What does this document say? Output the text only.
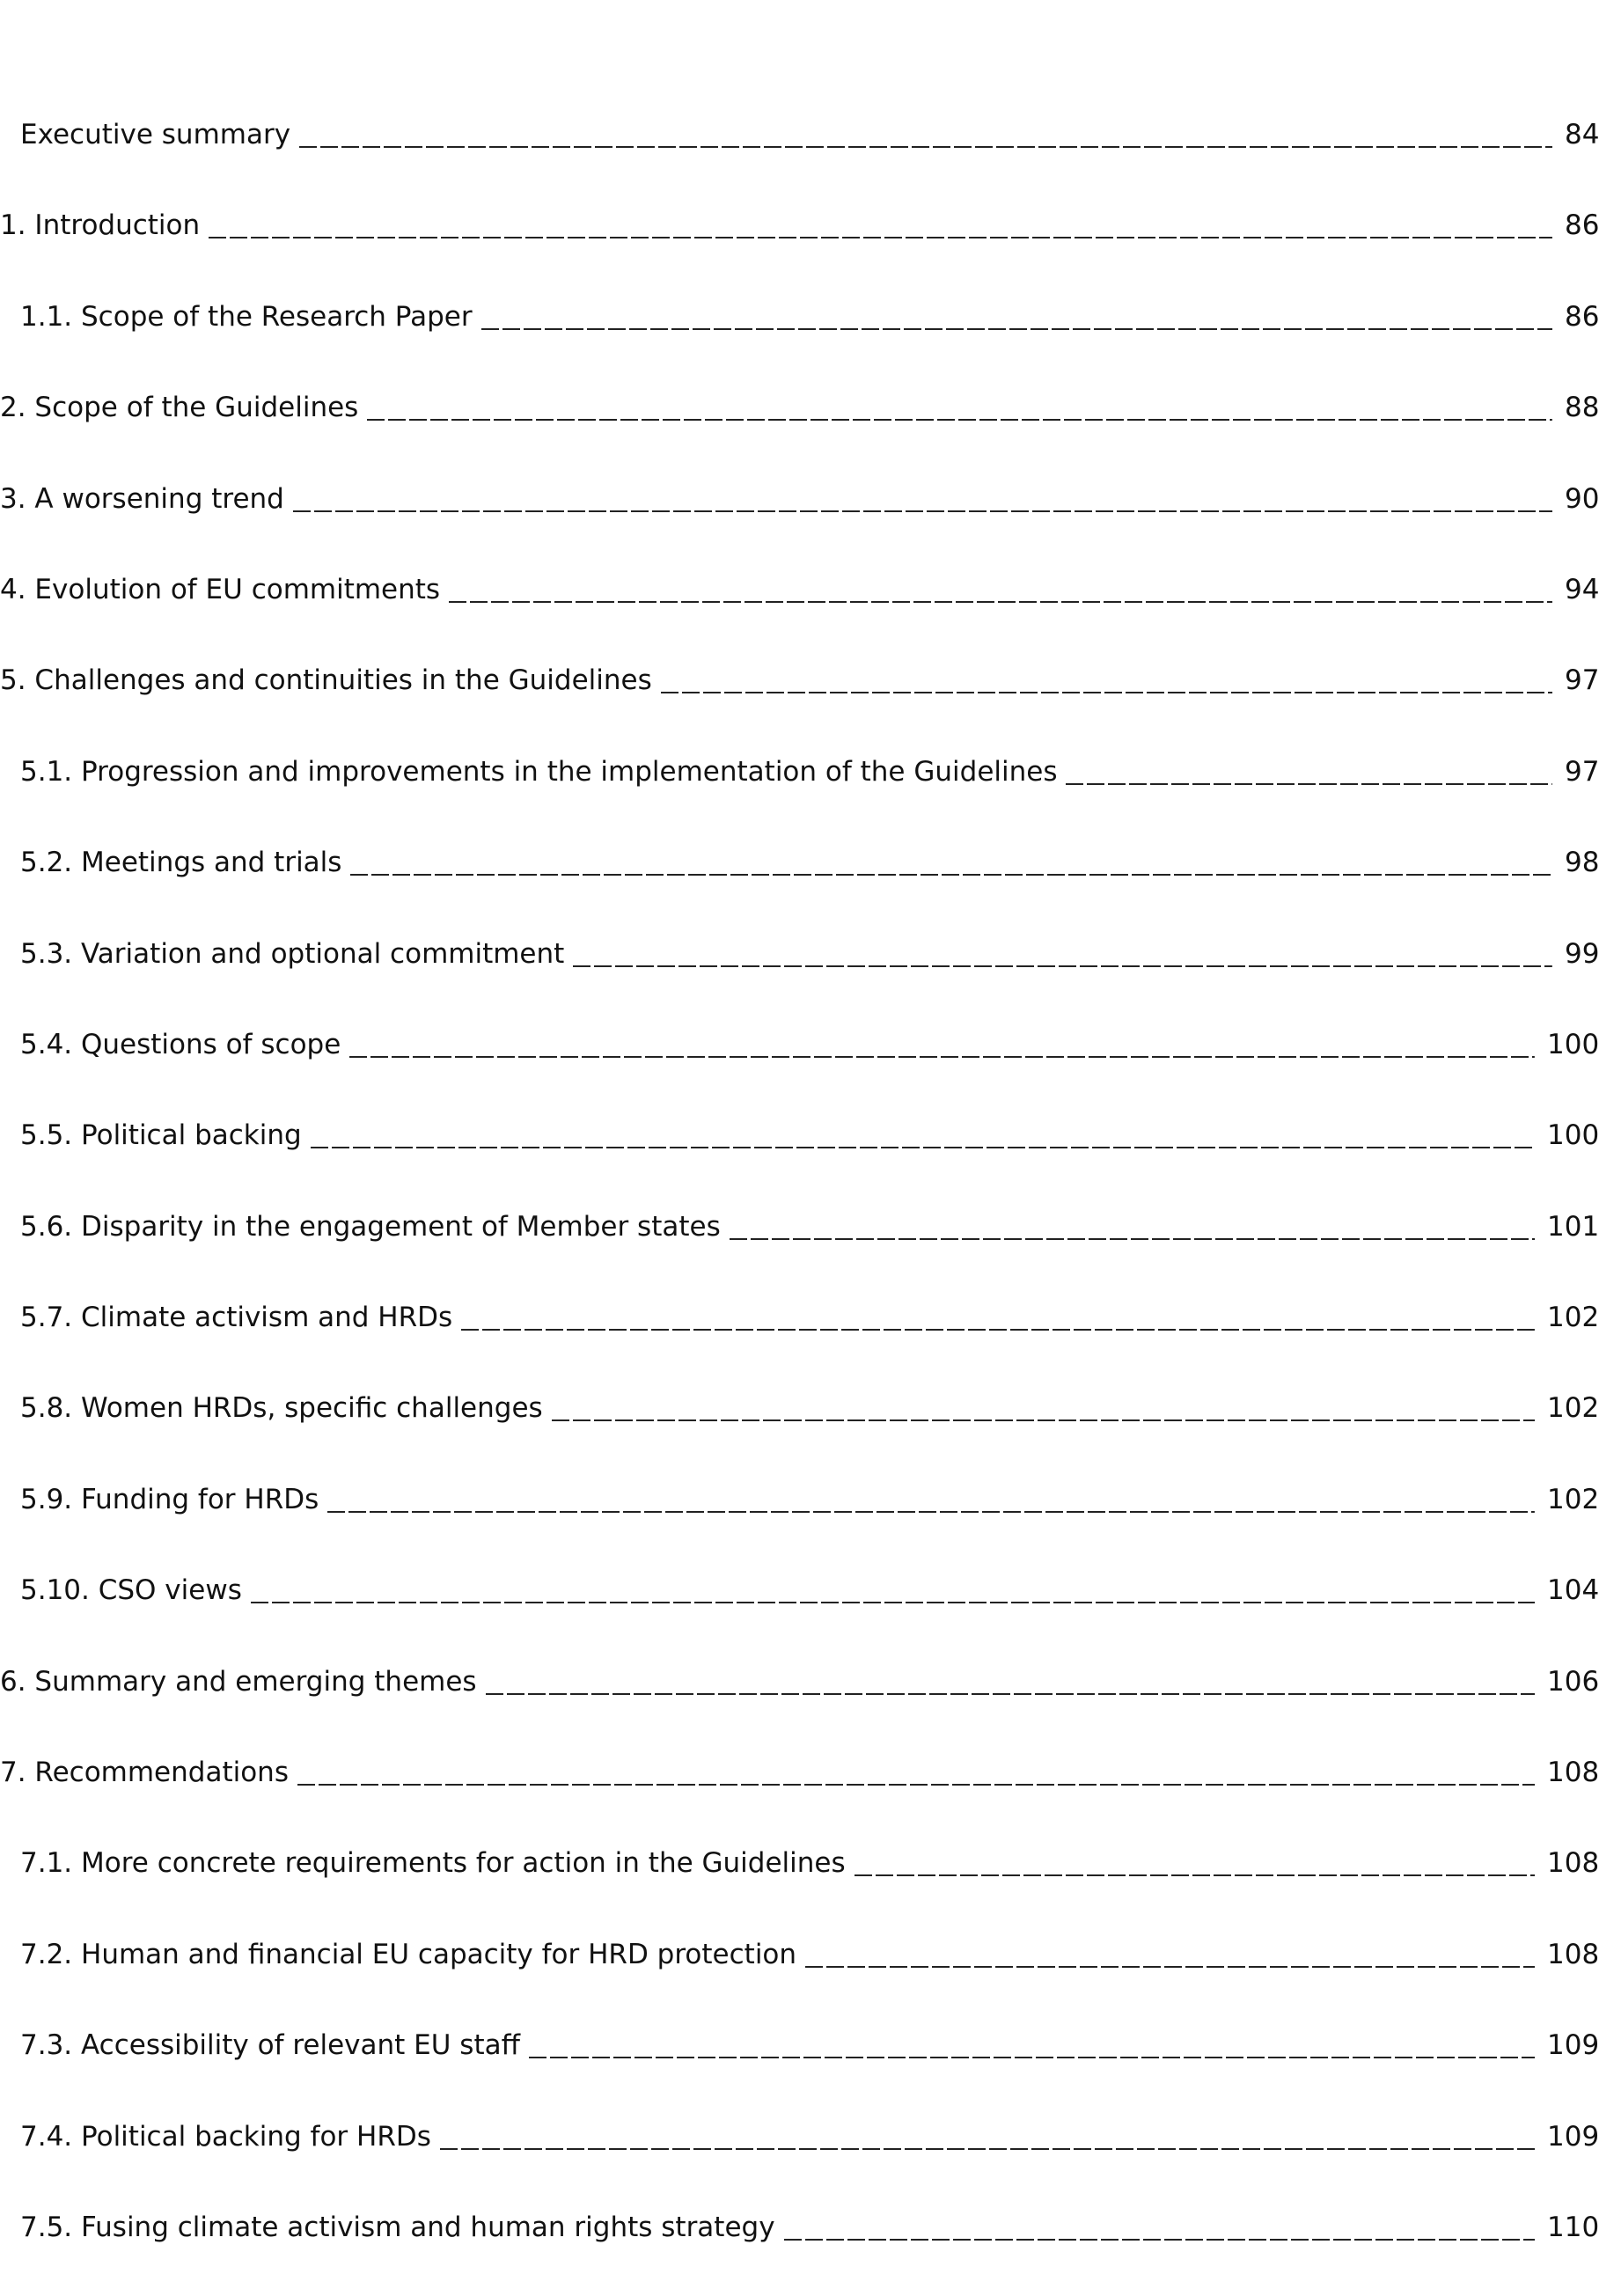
Executive summary	84
1. Introduction	86
1.1. Scope of the Research Paper	86
2. Scope of the Guidelines	88
3. A worsening trend	90
4. Evolution of EU commitments	94
5. Challenges and continuities in the Guidelines	97
5.1. Progression and improvements in the implementation of the Guidelines	97
5.2. Meetings and trials	98
5.3. Variation and optional commitment	99
5.4. Questions of scope	100
5.5. Political backing	100
5.6. Disparity in the engagement of Member states	101
5.7. Climate activism and HRDs	102
5.8. Women HRDs, specific challenges	102
5.9. Funding for HRDs	102
5.10. CSO views	104
6. Summary and emerging themes	106
7. Recommendations	108
7.1. More concrete requirements for action in the Guidelines	108
7.2. Human and financial EU capacity for HRD protection	108
7.3. Accessibility of relevant EU staff	109
7.4. Political backing for HRDs	109
7.5. Fusing climate activism and human rights strategy	110
